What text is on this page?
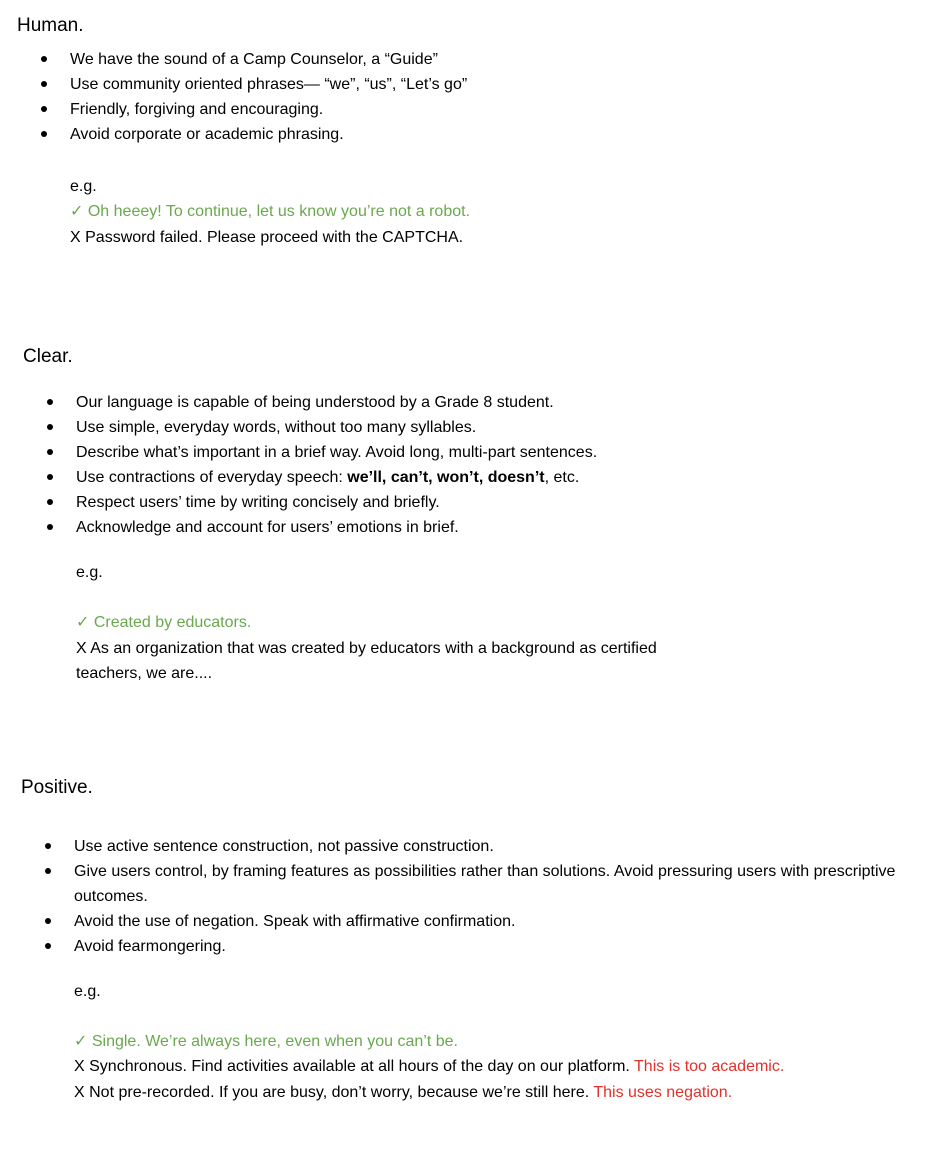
Human.
We have the sound of a Camp Counselor, a “Guide”
Use community oriented phrases— “we”, “us”, “Let’s go”
Friendly, forgiving and encouraging.
Avoid corporate or academic phrasing.
e.g.
✓ Oh heeey! To continue, let us know you’re not a robot.
X Password failed. Please proceed with the CAPTCHA.
Clear.
Our language is capable of being understood by a Grade 8 student.
Use simple, everyday words, without too many syllables.
Describe what’s important in a brief way. Avoid long, multi-part sentences.
Use contractions of everyday speech: we’ll, can’t, won’t, doesn’t, etc.
Respect users’ time by writing concisely and briefly.
Acknowledge and account for users’ emotions in brief.
e.g.
✓ Created by educators.
X As an organization that was created by educators with a background as certified
teachers, we are....
Positive.
Use active sentence construction, not passive construction.
Give users control, by framing features as possibilities rather than solutions. Avoid pressuring users with prescriptive outcomes.
Avoid the use of negation. Speak with affirmative confirmation.
Avoid fearmongering.
e.g.
✓ Single. We’re always here, even when you can’t be.
X Synchronous. Find activities available at all hours of the day on our platform. This is too academic.
X Not pre-recorded. If you are busy, don’t worry, because we’re still here. This uses negation.
